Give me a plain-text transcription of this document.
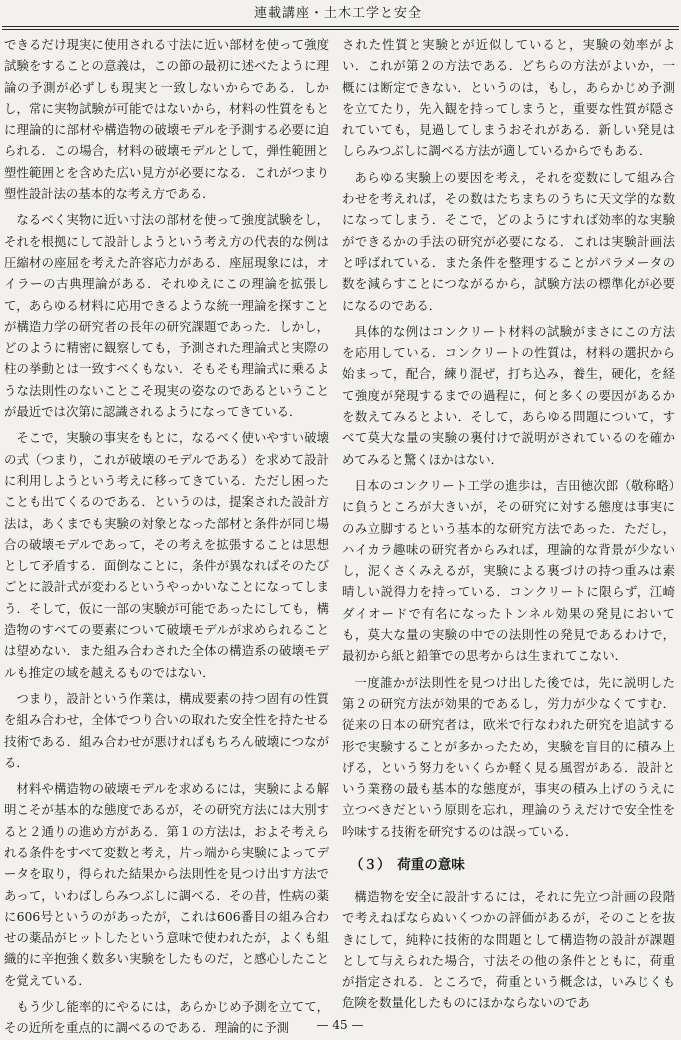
連載講座・土木工学と安全

できるだけ現実に使用される寸法に近い部材を使って強度試験をすることの意義は，この節の最初に述べたように理論の予測が必ずしも現実と一致しないからである．しかし，常に実物試験が可能ではないから，材料の性質をもとに理論的に部材や構造物の破壊モデルを予測する必要に迫られる．この場合，材料の破壊モデルとして，弾性範囲と塑性範囲とを含めた広い見方が必要になる．これがつまり塑性設計法の基本的な考え方である．

なるべく実物に近い寸法の部材を使って強度試験をし，それを根拠にして設計しようという考え方の代表的な例は圧縮材の座屈を考えた許容応力がある．座屈現象には，オイラーの古典理論がある．それゆえにこの理論を拡張して，あらゆる材料に応用できるような統一理論を探すことが構造力学の研究者の長年の研究課題であった．しかし，どのように精密に観察しても，予測された理論式と実際の柱の挙動とは一致すべくもない．そもそも理論式に乗るような法則性のないことこそ現実の姿なのであるということが最近では次第に認識されるようになってきている．

そこで，実験の事実をもとに，なるべく使いやすい破壊の式（つまり，これが破壊のモデルである）を求めて設計に利用しようという考えに移ってきている．ただし困ったことも出てくるのである．というのは，提案された設計方法は，あくまでも実験の対象となった部材と条件が同じ場合の破壊モデルであって，その考えを拡張することは思想として矛盾する．面倒なことに，条件が異なればそのたびごとに設計式が変わるというやっかいなことになってしまう．そして，仮に一部の実験が可能であったにしても，構造物のすべての要素について破壊モデルが求められることは望めない．また組み合わされた全体の構造系の破壊モデルも推定の域を越えるものではない．

つまり，設計という作業は，構成要素の持つ固有の性質を組み合わせ，全体でつり合いの取れた安全性を持たせる技術である．組み合わせが悪ければもちろん破壊につながる．

材料や構造物の破壊モデルを求めるには，実験による解明こそが基本的な態度であるが，その研究方法には大別すると２通りの進め方がある．第１の方法は，およそ考えられる条件をすべて変数と考え，片っ端から実験によってデータを取り，得られた結果から法則性を見つけ出す方法であって，いわばしらみつぶしに調べる．その昔，性病の薬に606号というのがあったが，これは606番目の組み合わせの薬品がヒットしたという意味で使われたが，よくも組織的に辛抱強く数多い実験をしたものだ，と感心したことを覚えている．

もう少し能率的にやるには，あらかじめ予測を立てて，その近所を重点的に調べるのである．理論的に予測

された性質と実験とが近似していると，実験の効率がよい．これが第２の方法である．どちらの方法がよいか，一概には断定できない．というのは，もし，あらかじめ予測を立てたり，先入観を持ってしまうと，重要な性質が隠されていても，見過してしまうおそれがある．新しい発見はしらみつぶしに調べる方法が適しているからでもある．

あらゆる実験上の要因を考え，それを変数にして組み合わせを考えれば，その数はたちまちのうちに天文学的な数になってしまう．そこで，どのようにすれば効率的な実験ができるかの手法の研究が必要になる．これは実験計画法と呼ばれている．また条件を整理することがパラメータの数を減らすことにつながるから，試験方法の標準化が必要になるのである．

具体的な例はコンクリート材料の試験がまさにこの方法を応用している．コンクリートの性質は，材料の選択から始まって，配合，練り混ぜ，打ち込み，養生，硬化，を経て強度が発現するまでの過程に，何と多くの要因があるかを数えてみるとよい．そして，あらゆる問題について，すべて莫大な量の実験の裏付けで説明がされているのを確かめてみると驚くほかはない．

日本のコンクリート工学の進歩は，吉田徳次郎（敬称略）に負うところが大きいが，その研究に対する態度は事実にのみ立脚するという基本的な研究方法であった．ただし，ハイカラ趣味の研究者からみれば，理論的な背景が少ないし，泥くさくみえるが，実験による裏づけの持つ重みは素晴しい説得力を持っている．コンクリートに限らず，江崎ダイオードで有名になったトンネル効果の発見においても，莫大な量の実験の中での法則性の発見であるわけで，最初から紙と鉛筆での思考からは生まれてこない．

一度誰かが法則性を見つけ出した後では，先に説明した第２の研究方法が効果的であるし，労力が少なくてすむ．従来の日本の研究者は，欧米で行なわれた研究を追試する形で実験することが多かったため，実験を盲目的に積み上げる，という努力をいくらか軽く見る風習がある．設計という業務の最も基本的な態度が，事実の積み上げのうえに立つべきだという原則を忘れ，理論のうえだけで安全性を吟味する技術を研究するのは誤っている．

（３）　荷重の意味

構造物を安全に設計するには，それに先立つ計画の段階で考えねばならぬいくつかの評価があるが，そのことを抜きにして，純粋に技術的な問題として構造物の設計が課題として与えられた場合，寸法その他の条件とともに，荷重が指定される．ところで，荷重という概念は，いみじくも危険を数量化したものにほかならないのであ

— 45 —
